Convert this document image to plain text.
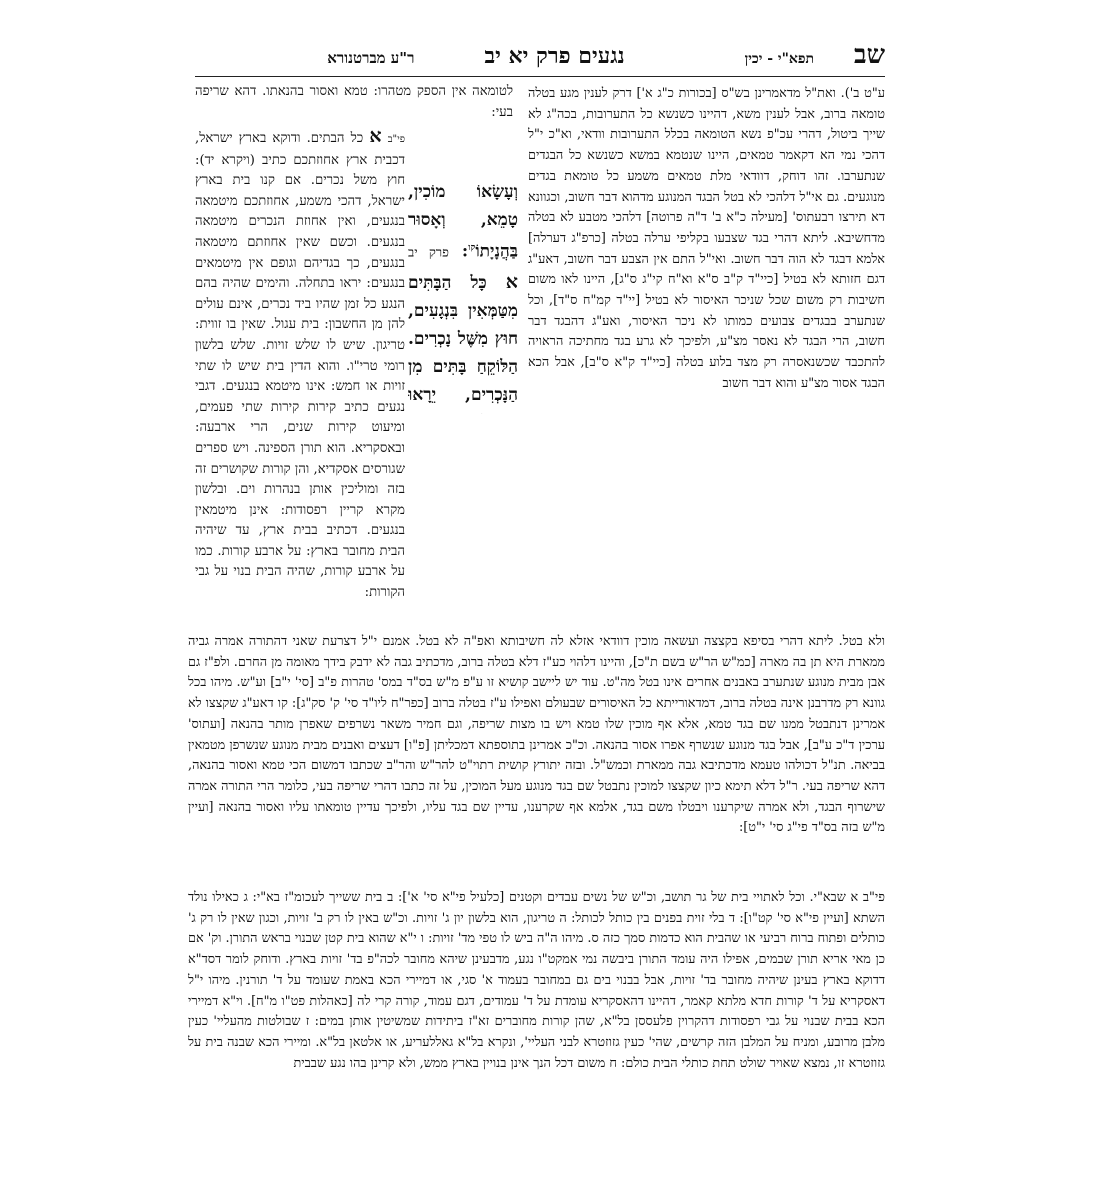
שב
תפא"י - יכין
נגעים פרק יא יב
ר"ע מברטנורא

ע"ט ב'). ואת"ל מדאמרינן בש"ס [בכורות כ"ג א'] דרק לענין מגע בטלה טומאה ברוב, אבל לענין משא, דהיינו כשנשא כל התערובות, בכה"ג לא שייך ביטול, דהרי עכ"פ נשא הטומאה בכלל התערובות וודאי, וא"כ י"ל דהכי נמי הא דקאמר טמאים, היינו שנטמא במשא כשנשא כל הבגדים שנתערבו. זהו דוחק, דוודאי מלת טמאים משמע כל טומאת בגדים מנוגעים. גם אי"ל דלהכי לא בטל הבגד המנוגע מדהוא דבר חשוב, וכגוונא דא תירצו רבעתוס' [מעילה כ"א ב' ד"ה פרוטה] דלהכי מטבע לא בטלה מדחשיבא. ליתא דהרי בגד שצבעו בקליפי ערלה בטלה [כרפ"ג דערלה] אלמא דבגד לא הוה דבר חשוב. ואי"ל התם אין הצבע דבר חשוב, דאע"ג דגם חזותא לא בטיל [כיי"ד ק"ב ס"א וא"ח קי"ג ס"ג], היינו לאו משום חשיבות רק משום שכל שניכר האיסור לא בטיל [יי"ד קמ"ח ס"ד], וכל שנתערב בבגדים צבועים כמותו לא ניכר האיסור, ואע"ג דהבגד דבר חשוב, הרי הבגד לא נאסר מצ"ע, ולפיכך לא גרע בגד מחתיכה הראויה להתכבד שכשנאסרה רק מצד בלוע בטלה [כיי"ד ק"א ס"ב], אבל הכא הבגד אסור מצ"ע והוא דבר חשוב

לטומאה אין הספק מטהרו: טמא ואסור בהנאתו. דהא שריפה בעי:

וְעָשָׂאוֹ מוֹכִין, טָמֵא, וְאָסוּר בַּהֲנָיָתוֹ$^{קו}$: פרק יב א כָּל הַבָּתִּים מִטַּמְּאִין בִּנְגָעִים, חוּץ מִשֶּׁל נָכְרִים. הַלּוֹקֵחַ בָּתִּים מִן הַנָּכְרִים, יֵרָאוּ

פי"ב א כל הבתים. ודוקא בארץ ישראל, דכבית ארץ אחוזתכם כתיב (ויקרא יד): חוץ משל נכרים. אם קנו בית בארץ ישראל, דהכי משמע, אחוזתכם מיטמאה בנגעים, ואין אחוזת הנכרים מיטמאה בנגעים. וכשם שאין אחוזתם מיטמאה בנגעים, כך בגדיהם וגופם אין מיטמאים בנגעים: יראו בתחלה. והימים שהיה בהם הנגע כל זמן שהיו ביד נכרים, אינם עולים להן מן החשבון: בית עגול. שאין בו זווית: טריגון. שיש לו שלש זויות. שלש בלשון רומי טרי"ו. והוא הדין בית שיש לו שתי זויות או חמש: אינו מיטמא בנגעים. דגבי נגעים כתיב קירות קירות שתי פעמים, ומיעוט קירות שנים, הרי ארבעה: ובאסקריא. הוא תורן הספינה. ויש ספרים שגורסים אסקדיא, והן קורות שקושרים זה בזה ומוליכין אותן בנהרות וים. ובלשון מקרא קריין רפסודות: אינן מיטמאין בנגעים. דכתיב בבית ארץ, עד שיהיה הבית מחובר בארץ: על ארבע קורות. כמו על ארבע קורות, שהיה הבית בנוי על גבי הקורות:

ולא בטל. ליתא דהרי בסיפא בקצצה ועשאה מוכין דוודאי אזלא לה חשיבותא ואפ"ה לא בטל. אמנם י"ל דצרעת שאני דהתורה אמרה גביה ממארת היא תן בה מארה [כמ"ש הר"ש בשם ת"כ], והיינו דלהוי כע"ז דלא בטלה ברוב, מדכתיב גבה לא ידבק בידך מאומה מן החרם. ולפ"ז גם אבן מבית מנוגע שנתערב באבנים אחרים אינו בטל מה"ט. עוד יש ליישב קושיא זו ע"פ מ"ש בס"ד במס' טהרות פ"ב [סי' י"ב] וע"ש. מיהו בכל גוונא רק מדרבנן אינה בטלה ברוב, דמדאורייתא כל האיסורים שבעולם ואפילו ע"ז בטלה ברוב [כפר"ח ליו"ד סי' ק' סק"ג]: קו דאע"ג שקצצו לא אמרינן דנתבטל ממנו שם בגד טמא, אלא אף מוכין שלו טמא ויש בו מצות שריפה, וגם חמיר משאר נשרפים שאפרן מותר בהנאה [ועתוס' ערכין ד"כ ע"ב], אבל בגד מנוגע שנשרף אפרו אסור בהנאה. וכ"כ אמרינן בתוספתא דמכליתן [פ"ו] דעצים ואבנים מבית מנוגע שנשרפן מטמאין בביאה. תנ"ל דכולהו טעמא מדכתיבא גבה ממארת וכמש"ל. ובזה יתורץ קושית רתוי"ט להר"ש והר"ב שכתבו דמשום הכי טמא ואסור בהנאה, דהא שריפה בעי. ר"ל דלא תימא כיון שקצצו למוכין נתבטל שם בגד מנוגע מעל המוכין, על זה כתבו דהרי שריפה בעי, כלומר הרי התורה אמרה שישרוף הבגד, ולא אמרה שיקרענו ויבטלו משם בגד, אלמא אף שקרענו, עדיין שם בגד עליו, ולפיכך עדיין טומאתו עליו ואסור בהנאה [ועיין מ"ש בזה בס"ד פי"ג סי' י"ט]:

פי"ב א שבא"י. וכל לאתויי בית של גר תושב, וכ"ש של נשים עבדים וקטנים [כלעיל פי"א סי' א']: ב בית ששייך לעכומ"ז בא"י: ג כאילו נולד השתא [ועיין פי"א סי' קט"ו]: ד בלי זוית בפנים בין כותל לכותל: ה טריגון, הוא בלשון יון ג' זויות. וכ"ש באין לו רק ב' זויות, וכגון שאין לו רק ג' כותלים ופתוח ברוח רביעי או שהבית הוא כדמות סמך כזה ס. מיהו ה"ה ביש לו טפי מד' זויות: ו י"א שהוא בית קטן שבנוי בראש התורן. וק' אם כן מאי אריא תורן שבמים, אפילו היה עומד התורן ביבשה נמי אמקט"ו נגע, מדבעינן שיהא מחובר לכה"פ בד' זויות בארץ. ודוחק לומר דסד"א דדוקא בארץ בעינן שיהיה מחובר בד' זויות, אבל בבנוי בים גם במחובר בעמוד א' סגי, או דמיירי הכא באמת שעומד על ד' תורנין. מיהו י"ל דאסקריא על ד' קורות חדא מלתא קאמר, דהיינו דהאסקריא עומדת על ד' עמודים, דגם עמוד, קורה קרי לה [כאהלות פט"ו מ"ח]. וי"א דמיירי הכא בבית שבנוי על גבי רפסודות דהקרוין פלעססן בל"א, שהן קורות מחוברים זא"ז ביתידות שמשיטין אותן במים: ז שבולטות מהעליי' כעין מלבן מרובע, ומניח על המלבן הזה קרשים, שהי' כעין גזוזטרא לבני העליי', ונקרא בל"א גאללעריע, או אלטאן בל"א. ומיירי הכא שבנה בית על גזוזטרא זו, נמצא שאויר שולט תחת כותלי הבית כולם: ח משום דכל הנך אינן בנויין בארץ ממש, ולא קרינן בהו נגע שבבית
